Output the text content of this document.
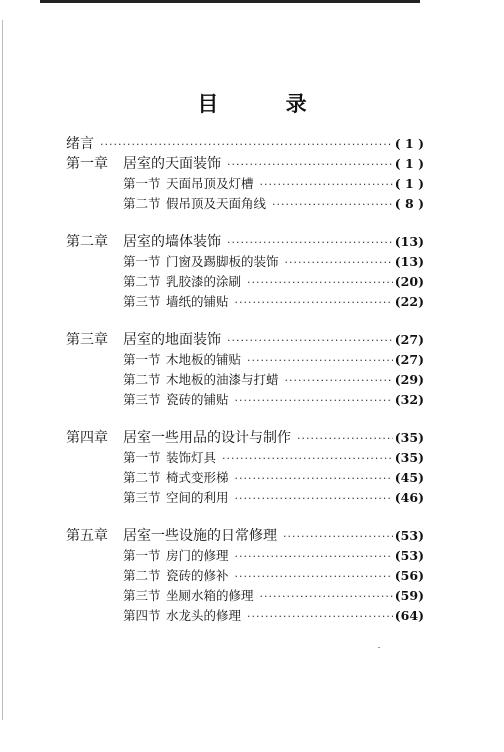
目 录
绪言 ·····	( 1 )
第一章	居室的天面装饰 ·····	( 1 )
第一节 天面吊顶及灯槽 ·····	( 1 )
第二节 假吊顶及天面角线 ·····	( 8 )
第二章	居室的墙体装饰 ·····	(13)
第一节 门窗及踢脚板的装饰 ·····	(13)
第二节 乳胶漆的涂刷 ·····	(20)
第三节 墙纸的铺贴 ·····	(22)
第三章	居室的地面装饰 ·····	(27)
第一节 木地板的铺贴 ·····	(27)
第二节 木地板的油漆与打蜡 ·····	(29)
第三节 瓷砖的铺贴 ·····	(32)
第四章	居室一些用品的设计与制作 ·····	(35)
第一节 装饰灯具 ·····	(35)
第二节 椅式变形梯 ·····	(45)
第三节 空间的利用 ·····	(46)
第五章	居室一些设施的日常修理 ·····	(53)
第一节 房门的修理 ·····	(53)
第二节 瓷砖的修补 ·····	(56)
第三节 坐厕水箱的修理 ·····	(59)
第四节 水龙头的修理 ·····	(64)
